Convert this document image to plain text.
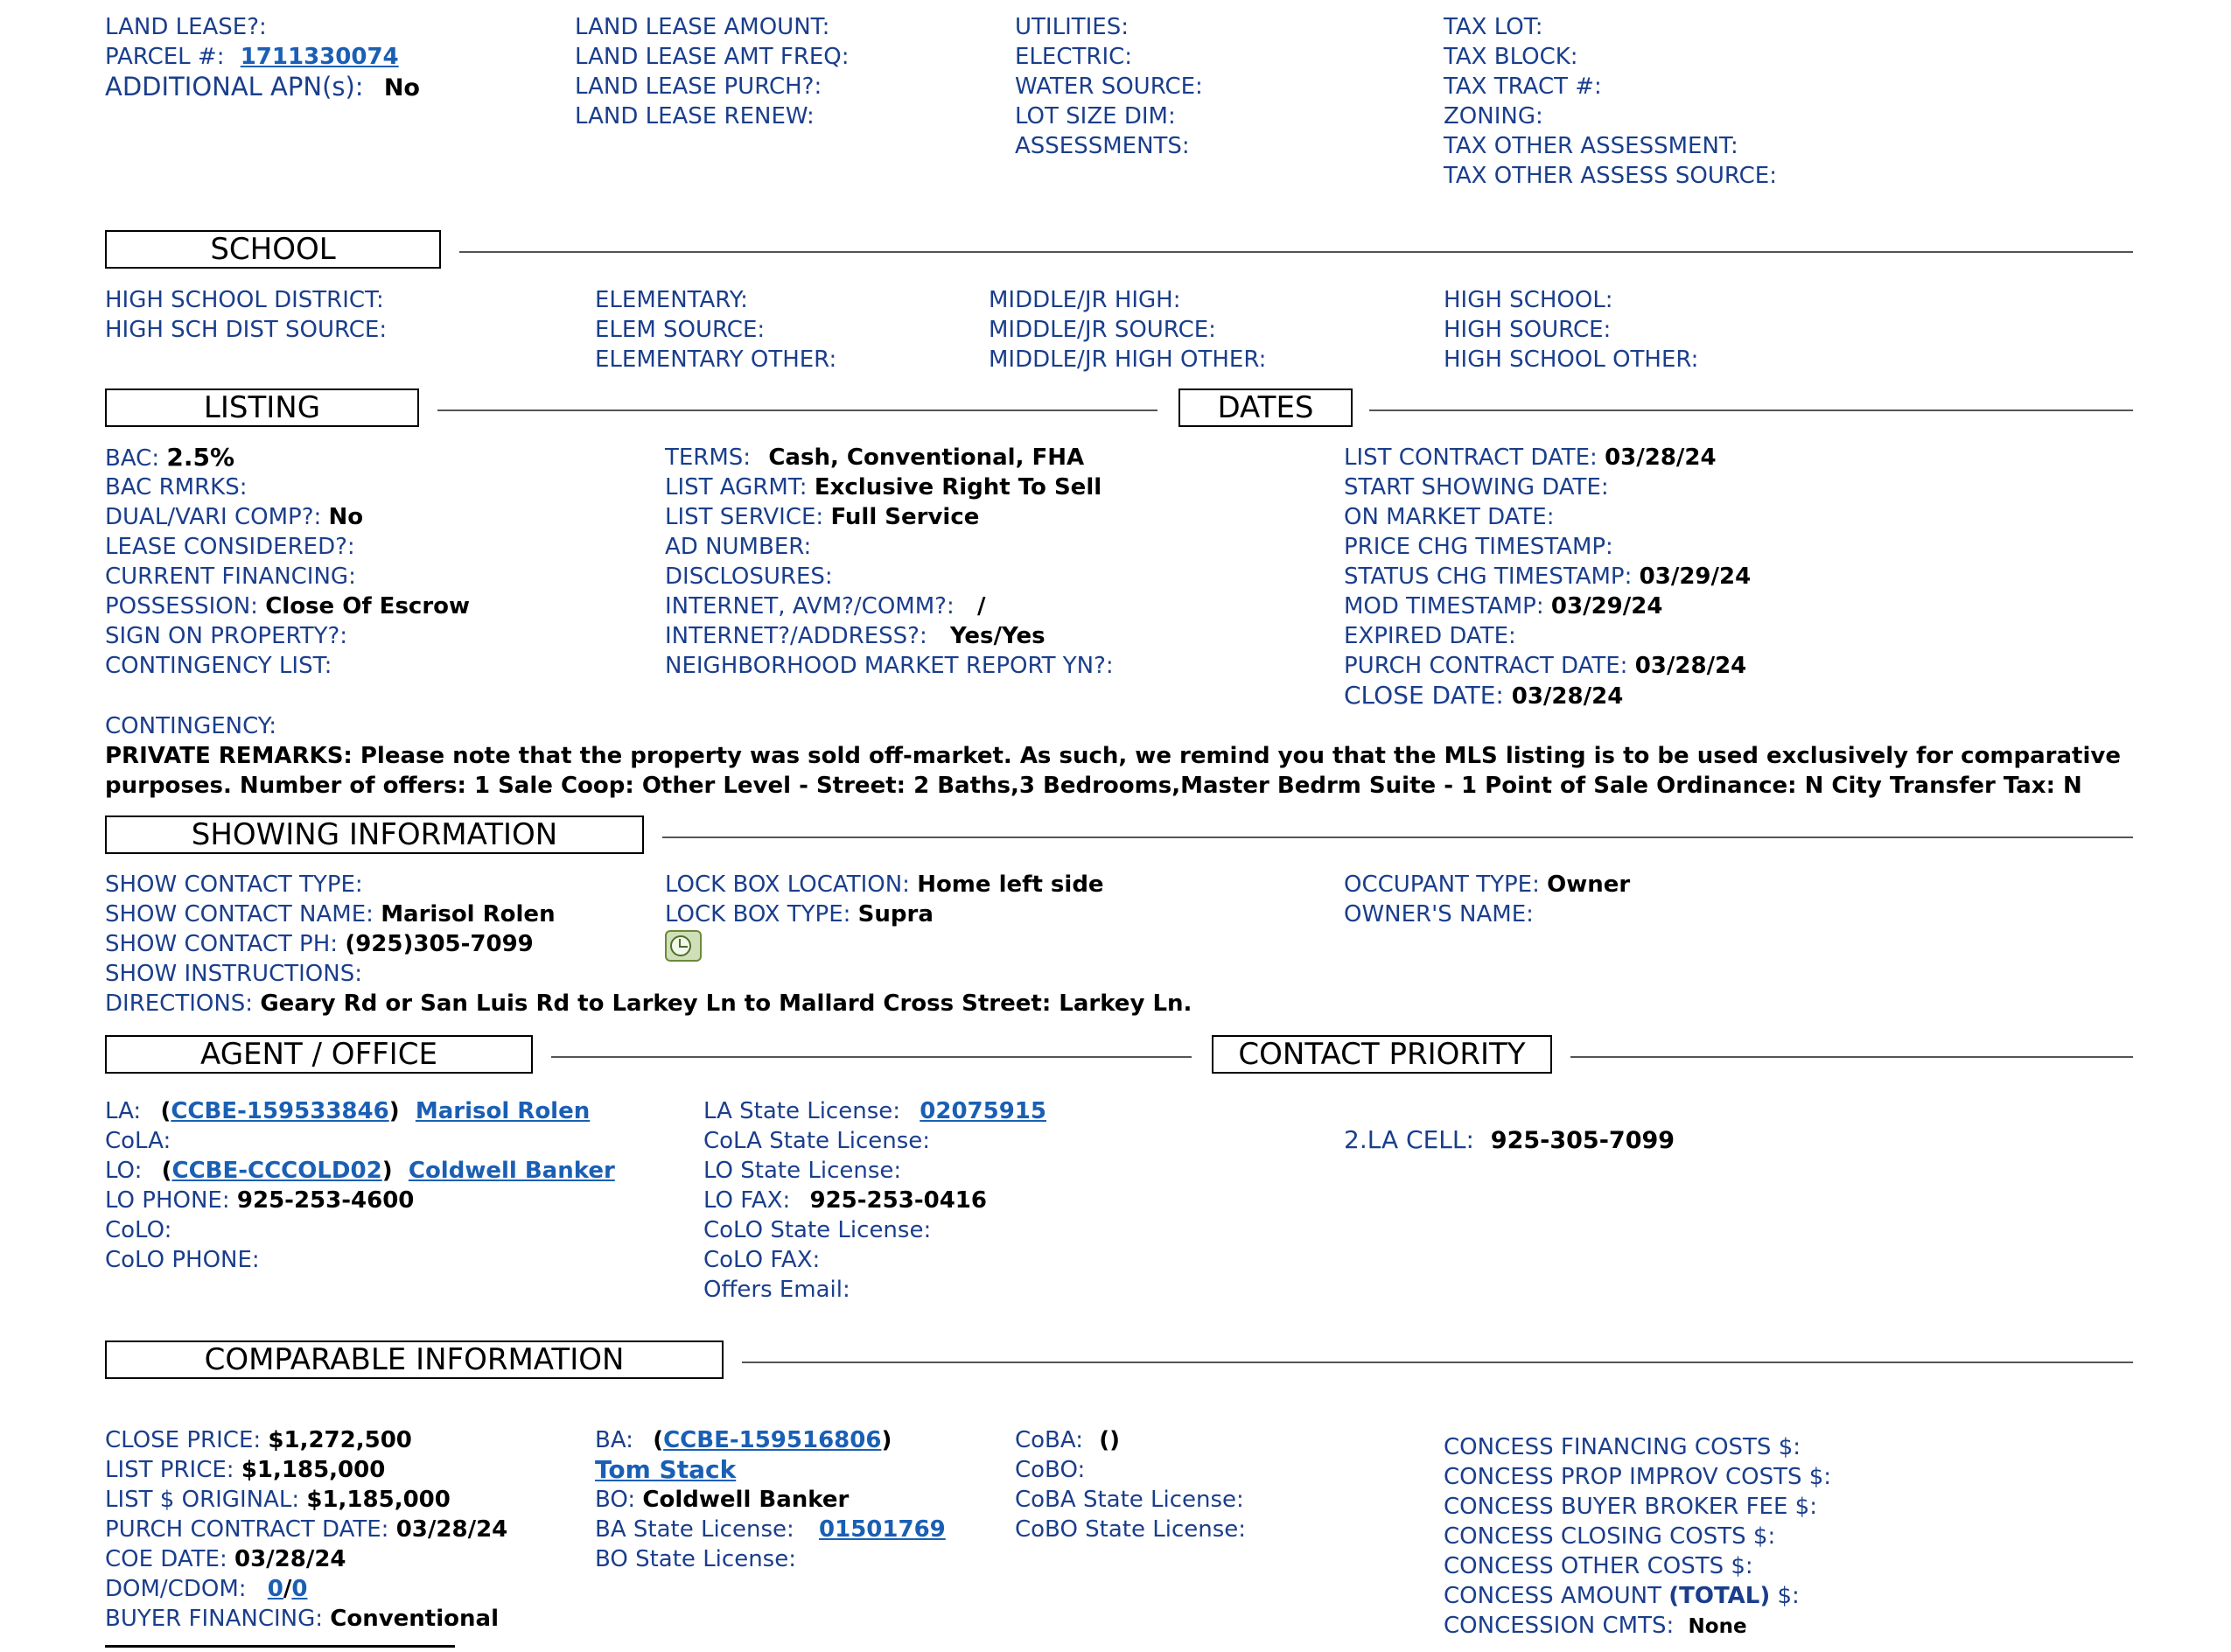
LAND LEASE?:
PARCEL #: 1711330074
ADDITIONAL APN(s): No
LAND LEASE AMOUNT:
LAND LEASE AMT FREQ:
LAND LEASE PURCH?:
LAND LEASE RENEW:
UTILITIES:
ELECTRIC:
WATER SOURCE:
LOT SIZE DIM:
ASSESSMENTS:
TAX LOT:
TAX BLOCK:
TAX TRACT #:
ZONING:
TAX OTHER ASSESSMENT:
TAX OTHER ASSESS SOURCE:
SCHOOL
HIGH SCHOOL DISTRICT:
HIGH SCH DIST SOURCE:
ELEMENTARY:
ELEM SOURCE:
ELEMENTARY OTHER:
MIDDLE/JR HIGH:
MIDDLE/JR SOURCE:
MIDDLE/JR HIGH OTHER:
HIGH SCHOOL:
HIGH SOURCE:
HIGH SCHOOL OTHER:
LISTING	DATES
BAC: 2.5%
BAC RMRKS:
DUAL/VARI COMP?: No
LEASE CONSIDERED?:
CURRENT FINANCING:
POSSESSION: Close Of Escrow
SIGN ON PROPERTY?:
CONTINGENCY LIST:
TERMS: Cash, Conventional, FHA
LIST AGRMT: Exclusive Right To Sell
LIST SERVICE: Full Service
AD NUMBER:
DISCLOSURES:
INTERNET, AVM?/COMM?: /
INTERNET?/ADDRESS?: Yes/Yes
NEIGHBORHOOD MARKET REPORT YN?:
LIST CONTRACT DATE: 03/28/24
START SHOWING DATE:
ON MARKET DATE:
PRICE CHG TIMESTAMP:
STATUS CHG TIMESTAMP: 03/29/24
MOD TIMESTAMP: 03/29/24
EXPIRED DATE:
PURCH CONTRACT DATE: 03/28/24
CLOSE DATE: 03/28/24
CONTINGENCY:
PRIVATE REMARKS: Please note that the property was sold off-market. As such, we remind you that the MLS listing is to be used exclusively for comparative
purposes. Number of offers: 1 Sale Coop: Other Level - Street: 2 Baths,3 Bedrooms,Master Bedrm Suite - 1 Point of Sale Ordinance: N City Transfer Tax: N
SHOWING INFORMATION
SHOW CONTACT TYPE:
SHOW CONTACT NAME: Marisol Rolen
SHOW CONTACT PH: (925)305-7099
SHOW INSTRUCTIONS:
DIRECTIONS: Geary Rd or San Luis Rd to Larkey Ln to Mallard Cross Street: Larkey Ln.
LOCK BOX LOCATION: Home left side
LOCK BOX TYPE: Supra
OCCUPANT TYPE: Owner
OWNER'S NAME:
AGENT / OFFICE	CONTACT PRIORITY
LA: (CCBE-159533846) Marisol Rolen
CoLA:
LO: (CCBE-CCCOLD02) Coldwell Banker
LO PHONE: 925-253-4600
CoLO:
CoLO PHONE:
LA State License: 02075915
CoLA State License:
LO State License:
LO FAX: 925-253-0416
CoLO State License:
CoLO FAX:
Offers Email:
2.LA CELL: 925-305-7099
COMPARABLE INFORMATION
CLOSE PRICE: $1,272,500
LIST PRICE: $1,185,000
LIST $ ORIGINAL: $1,185,000
PURCH CONTRACT DATE: 03/28/24
COE DATE: 03/28/24
DOM/CDOM: 0/0
BUYER FINANCING: Conventional
BA: (CCBE-159516806)
Tom Stack
BO: Coldwell Banker
BA State License: 01501769
BO State License:
CoBA: ()
CoBO:
CoBA State License:
CoBO State License:
CONCESS FINANCING COSTS $:
CONCESS PROP IMPROV COSTS $:
CONCESS BUYER BROKER FEE $:
CONCESS CLOSING COSTS $:
CONCESS OTHER COSTS $:
CONCESS AMOUNT (TOTAL) $:
CONCESSION CMTS: None
